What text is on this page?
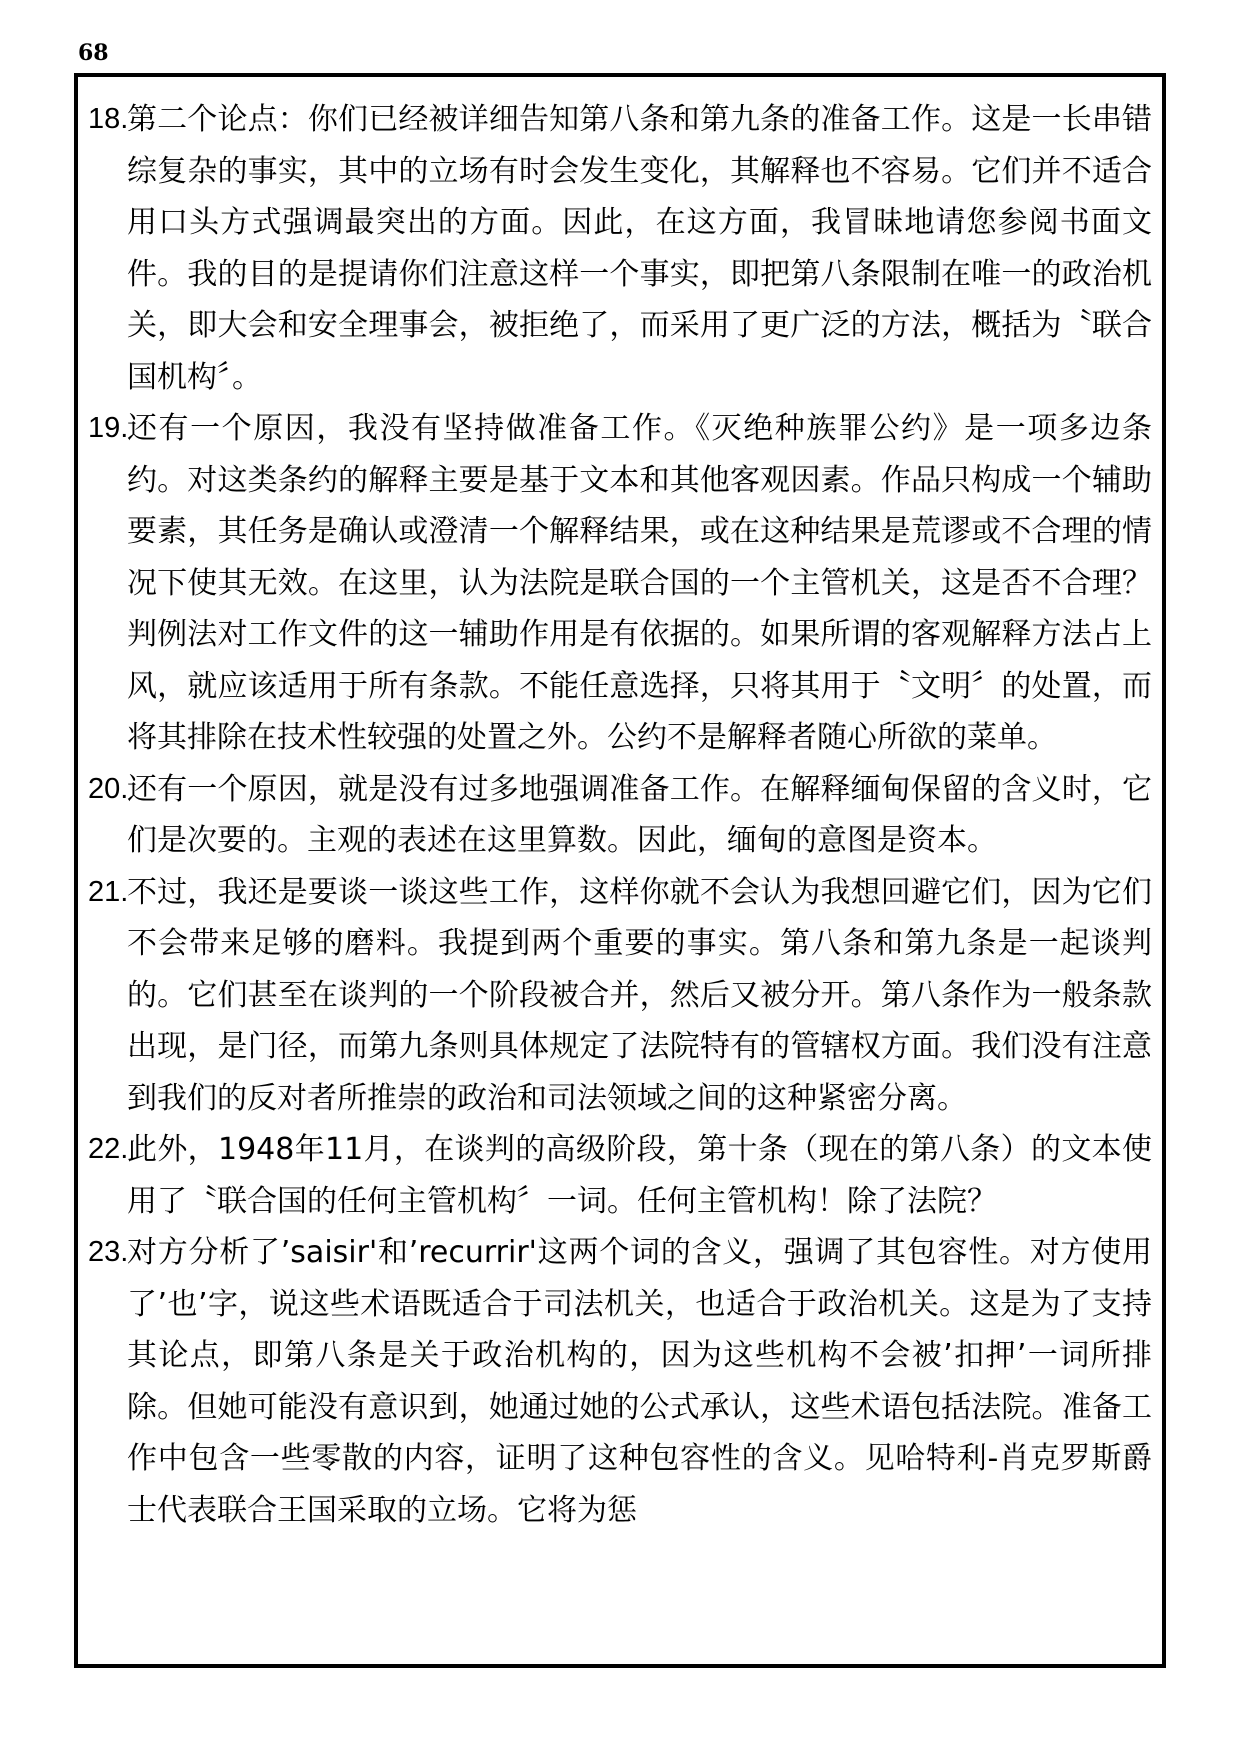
68
18.
第二个论点：你们已经被详细告知第八条和第九条的准备工作。这是一长串错综复杂的事实，其中的立场有时会发生变化，其解释也不容易。它们并不适合用口头方式强调最突出的方面。因此，在这方面，我冒昧地请您参阅书面文件。我的目的是提请你们注意这样一个事实，即把第八条限制在唯一的政治机关，即大会和安全理事会，被拒绝了，而采用了更广泛的方法，概括为〝联合国机构〞。
19.
还有一个原因，我没有坚持做准备工作。《灭绝种族罪公约》是一项多边条约。对这类条约的解释主要是基于文本和其他客观因素。作品只构成一个辅助要素，其任务是确认或澄清一个解释结果，或在这种结果是荒谬或不合理的情况下使其无效。在这里，认为法院是联合国的一个主管机关，这是否不合理？判例法对工作文件的这一辅助作用是有依据的。如果所谓的客观解释方法占上风，就应该适用于所有条款。不能任意选择，只将其用于〝文明〞的处置，而将其排除在技术性较强的处置之外。公约不是解释者随心所欲的菜单。
20.
还有一个原因，就是没有过多地强调准备工作。在解释缅甸保留的含义时，它们是次要的。主观的表述在这里算数。因此，缅甸的意图是资本。
21.
不过，我还是要谈一谈这些工作，这样你就不会认为我想回避它们，因为它们不会带来足够的磨料。我提到两个重要的事实。第八条和第九条是一起谈判的。它们甚至在谈判的一个阶段被合并，然后又被分开。第八条作为一般条款出现，是门径，而第九条则具体规定了法院特有的管辖权方面。我们没有注意到我们的反对者所推崇的政治和司法领域之间的这种紧密分离。
22.
此外，1948年11月，在谈判的高级阶段，第十条（现在的第八条）的文本使用了〝联合国的任何主管机构〞一词。任何主管机构！除了法院？
23.
对方分析了’saisir'和’recurrir'这两个词的含义，强调了其包容性。对方使用了’也’字，说这些术语既适合于司法机关，也适合于政治机关。这是为了支持其论点，即第八条是关于政治机构的，因为这些机构不会被’扣押’一词所排除。但她可能没有意识到，她通过她的公式承认，这些术语包括法院。准备工作中包含一些零散的内容，证明了这种包容性的含义。见哈特利-肖克罗斯爵士代表联合王国采取的立场。它将为惩
